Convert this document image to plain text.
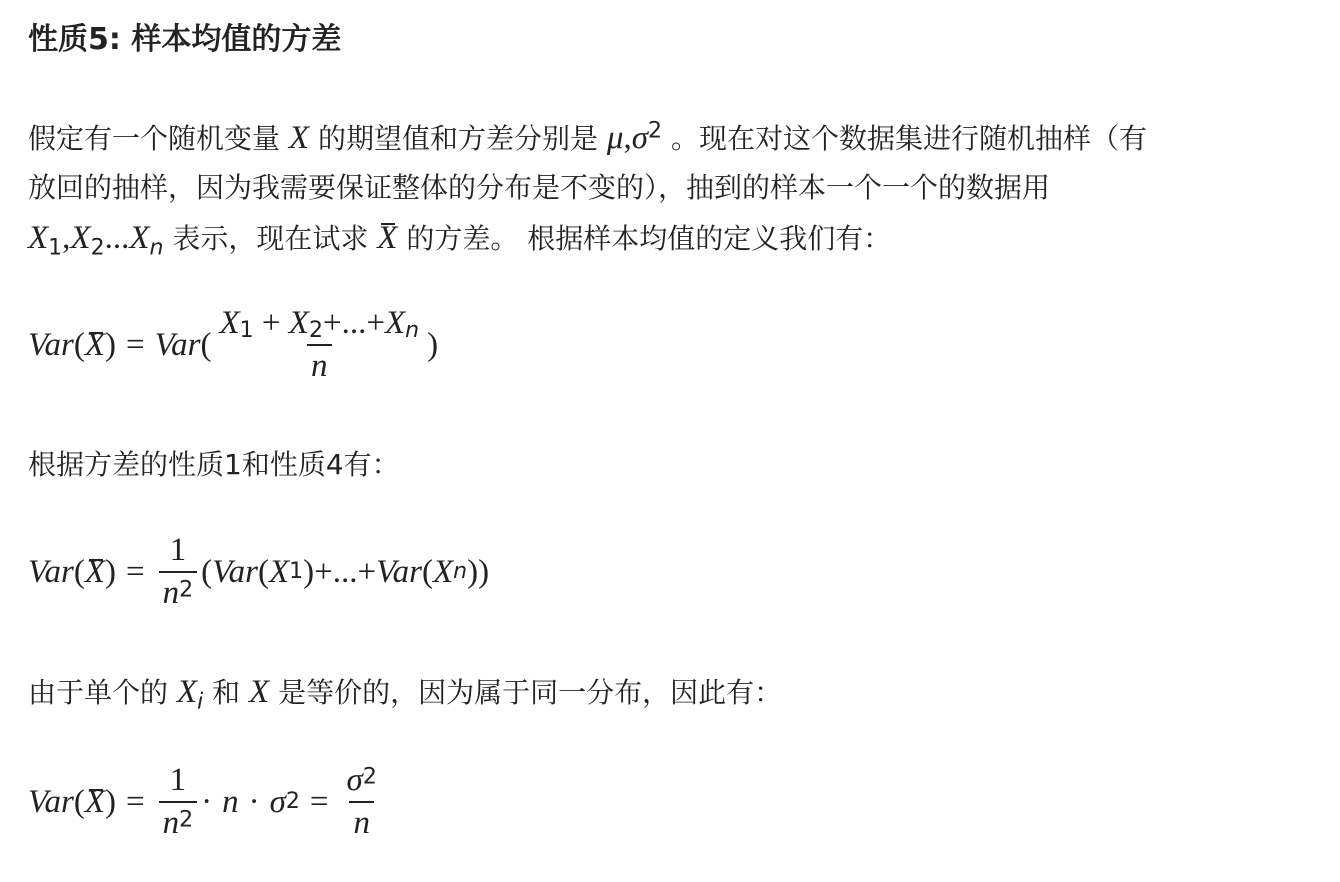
性质5: 样本均值的方差
假定有一个随机变量 X 的期望值和方差分别是 $\mu,\sigma^2$ 。现在对这个数据集进行随机抽样（有
放回的抽样，因为我需要保证整体的分布是不变的），抽到的样本一个一个的数据用
$X_1,X_2...X_n$ 表示，现在试求 X 的方差。 根据样本均值的定义我们有：
Var ( X ) = Var ( $\frac{X_1 + X_2+...+X_n}{n}$ )
根据方差的性质1和性质4有：
Var ( X ) = $\frac{1}{n^2}$ ( Var ( X 1 ) + ... + Var ( X n ))
由于单个的 $X_i$ 和 X 是等价的，因为属于同一分布，因此有：
Var ( X ) = $\frac{1}{n^2} \cdot n \cdot \sigma$ $2 = \frac{\sigma^2}{n}$
